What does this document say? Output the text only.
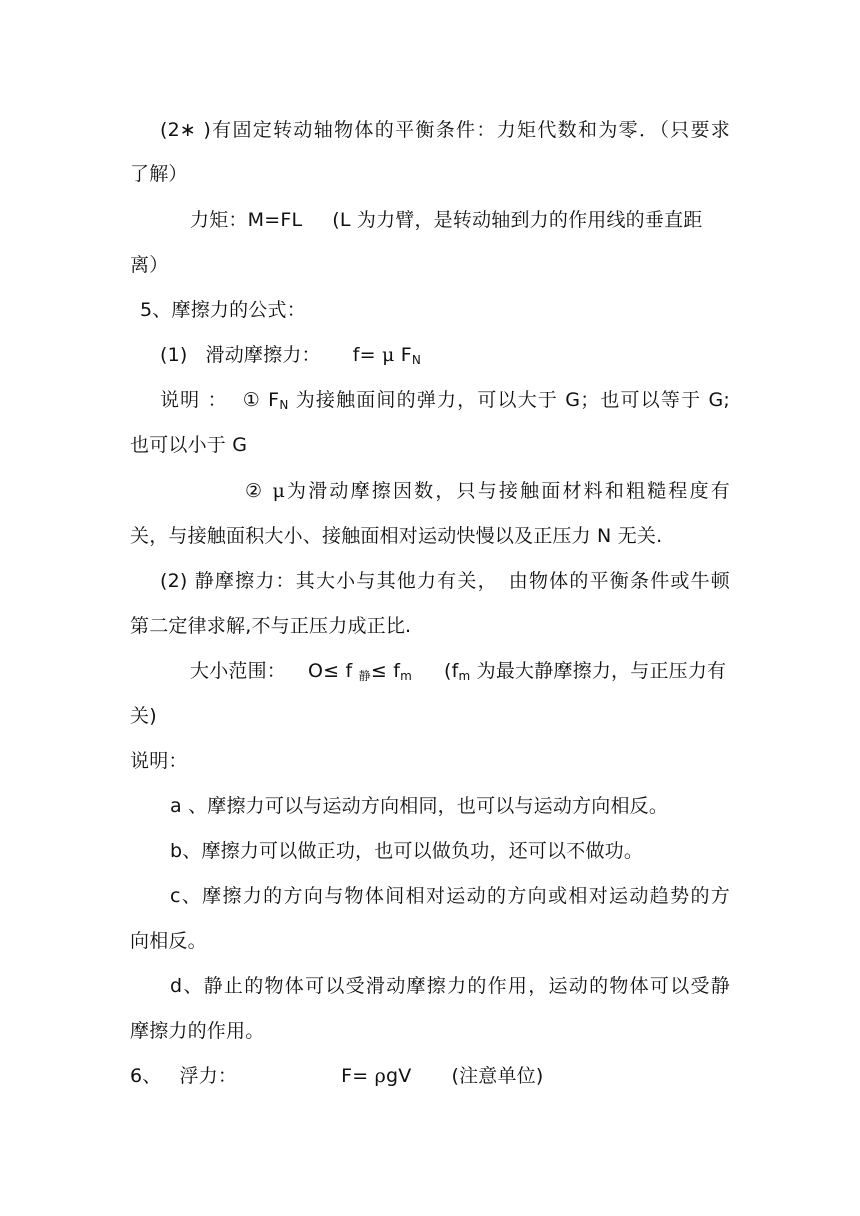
(2∗ )有固定转动轴物体的平衡条件：力矩代数和为零．（只要求
了解）
力矩：M=FL (L 为力臂，是转动轴到力的作用线的垂直距
离）
5、摩擦力的公式：
(1) 滑动摩擦力： f= μ $F_N$
说明 ： ① $F_N$ 为接触面间的弹力，可以大于 G；也可以等于 G;
也可以小于 G
② μ为滑动摩擦因数，只与接触面材料和粗糙程度有
关，与接触面积大小、接触面相对运动快慢以及正压力 N 无关.
(2) 静摩擦力：其大小与其他力有关， 由物体的平衡条件或牛顿
第二定律求解,不与正压力成正比.
大小范围： O≤ f $_静\le f_m$ ($f_m$ 为最大静摩擦力，与正压力有
关)
说明：
a 、摩擦力可以与运动方向相同，也可以与运动方向相反。
b、摩擦力可以做正功，也可以做负功，还可以不做功。
c、摩擦力的方向与物体间相对运动的方向或相对运动趋势的方
向相反。
d、静止的物体可以受滑动摩擦力的作用，运动的物体可以受静
摩擦力的作用。
6、 浮力：	F= ρgV (注意单位)
